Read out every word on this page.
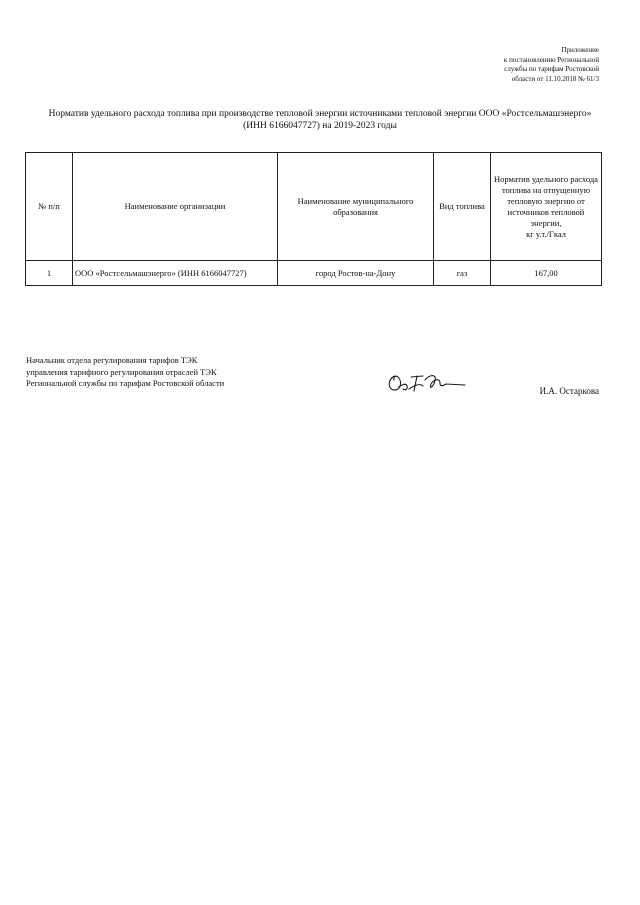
Приложение
к постановлению Региональной
службы по тарифам Ростовской
области от 11.10.2018 № 61/3
Норматив удельного расхода топлива при производстве тепловой энергии источниками тепловой энергии ООО «Ростсельмашэнерго»
(ИНН 6166047727) на 2019-2023 годы
№ п/п	Наименование организации	Наименование муниципального образования	Вид топлива	Норматив удельного расхода топлива на отпущенную тепловую энергию от источников тепловой энергии,
кг у.т./Гкал
1	ООО «Ростсельмашэнерго» (ИНН 6166047727)	город Ростов-на-Дону	газ	167,00
Начальник отдела регулирования тарифов ТЭК
управления тарифного регулирования отраслей ТЭК
Региональной службы по тарифам Ростовской области
И.А. Остаркова
